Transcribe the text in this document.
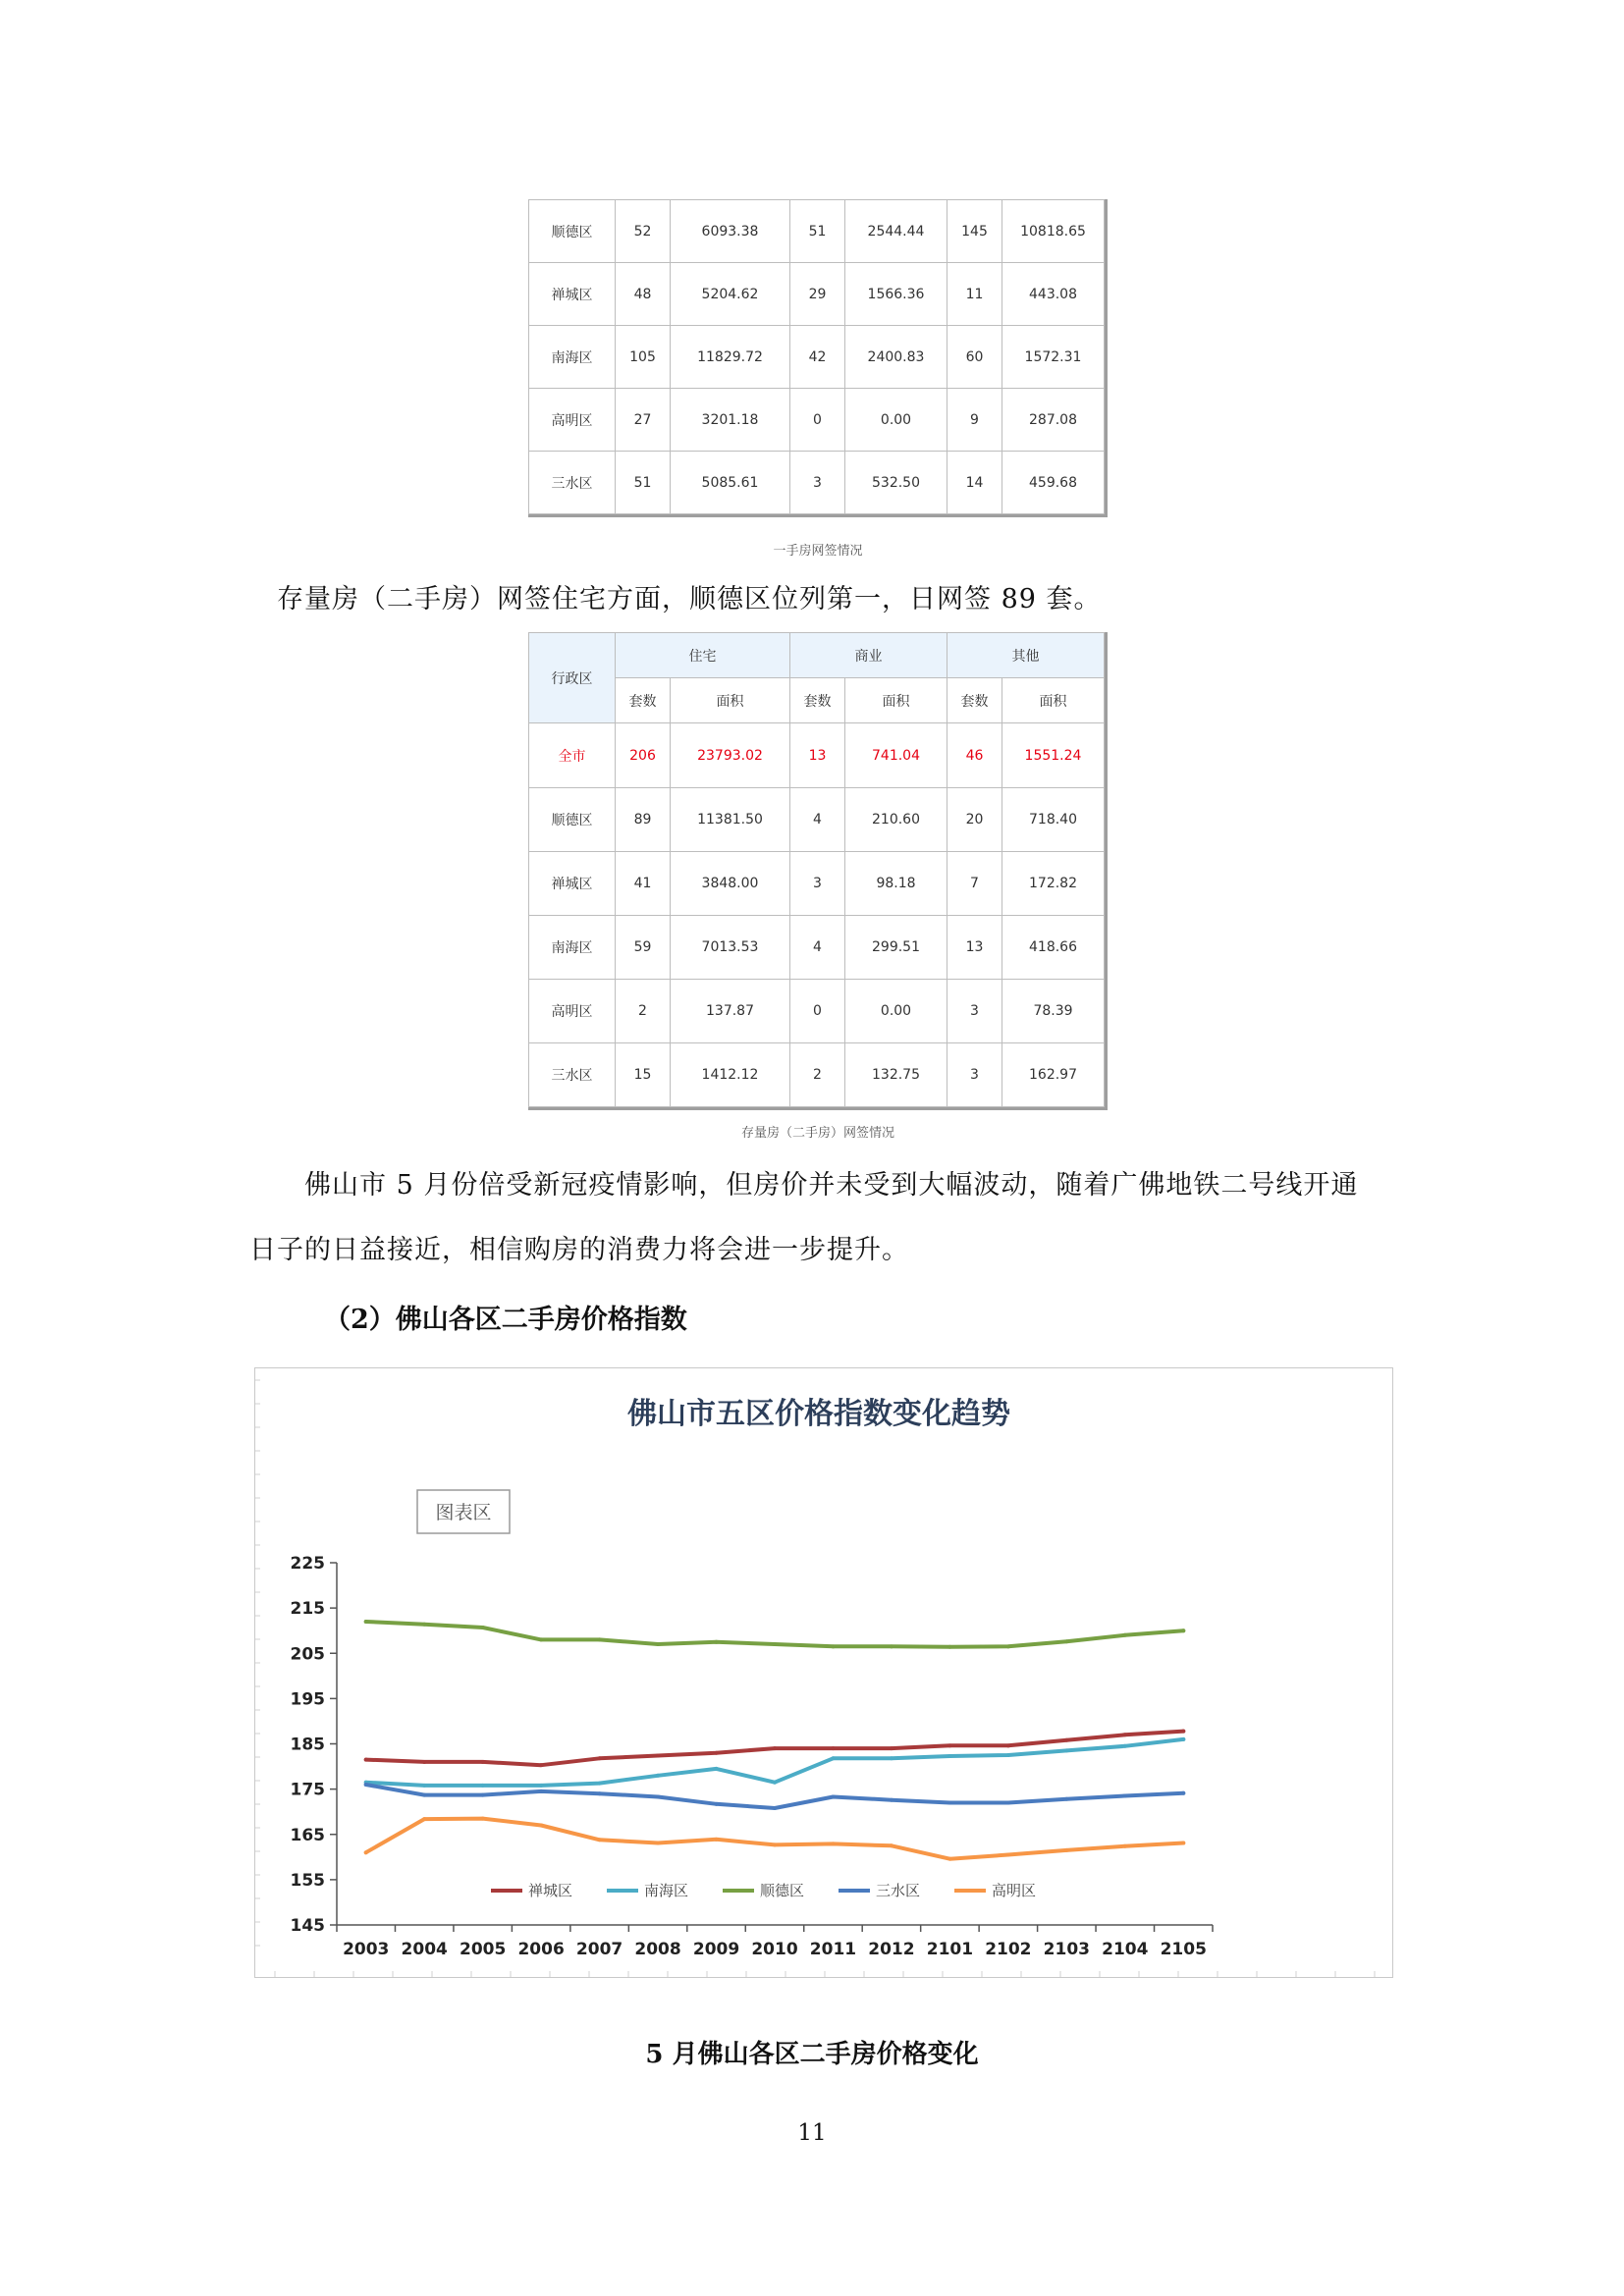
顺德区	52	6093.38	51	2544.44	145	10818.65
禅城区	48	5204.62	29	1566.36	11	443.08
南海区	105	11829.72	42	2400.83	60	1572.31
高明区	27	3201.18	0	0.00	9	287.08
三水区	51	5085.61	3	532.50	14	459.68
一手房网签情况
存量房（二手房）网签住宅方面，顺德区位列第一，日网签 89 套。
行政区	住宅		商业		其他	
	套数	面积	套数	面积	套数	面积
全市	206	23793.02	13	741.04	46	1551.24
顺德区	89	11381.50	4	210.60	20	718.40
禅城区	41	3848.00	3	98.18	7	172.82
南海区	59	7013.53	4	299.51	13	418.66
高明区	2	137.87	0	0.00	3	78.39
三水区	15	1412.12	2	132.75	3	162.97
存量房（二手房）网签情况
佛山市 5 月份倍受新冠疫情影响，但房价并未受到大幅波动，随着广佛地铁二号线开通
日子的日益接近，相信购房的消费力将会进一步提升。
（2）佛山各区二手房价格指数
佛山市五区价格指数变化趋势
图表区
145
155
165
175
185
195
205
215
225
2003 2004 2005 2006 2007 2008 2009 2010 2011 2012 2101 2102 2103 2104 2105
禅城区	南海区	顺德区	三水区	高明区
5 月佛山各区二手房价格变化
11
